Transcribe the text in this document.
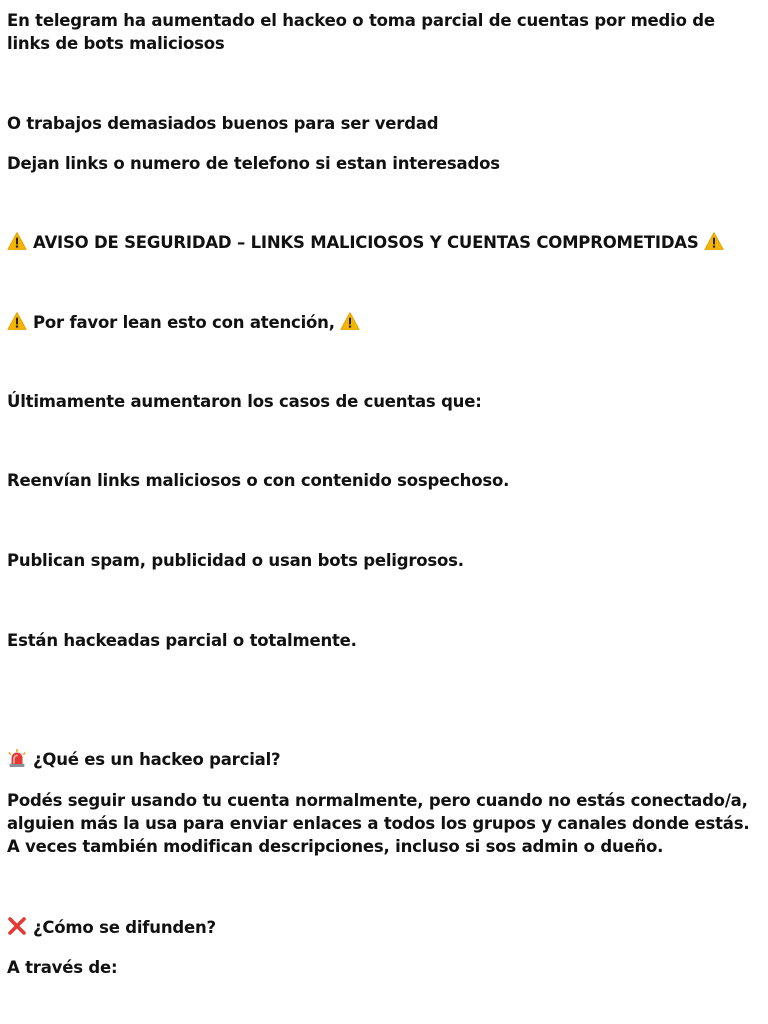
En telegram ha aumentado el hackeo o toma parcial de cuentas por medio de links de bots maliciosos

O trabajos demasiados buenos para ser verdad

Dejan links o numero de telefono si estan interesados

AVISO DE SEGURIDAD – LINKS MALICIOSOS Y CUENTAS COMPROMETIDAS

Por favor lean esto con atención,

Últimamente aumentaron los casos de cuentas que:

Reenvían links maliciosos o con contenido sospechoso.

Publican spam, publicidad o usan bots peligrosos.

Están hackeadas parcial o totalmente.

¿Qué es un hackeo parcial?

Podés seguir usando tu cuenta normalmente, pero cuando no estás conectado/a, alguien más la usa para enviar enlaces a todos los grupos y canales donde estás. A veces también modifican descripciones, incluso si sos admin o dueño.

¿Cómo se difunden?

A través de:
